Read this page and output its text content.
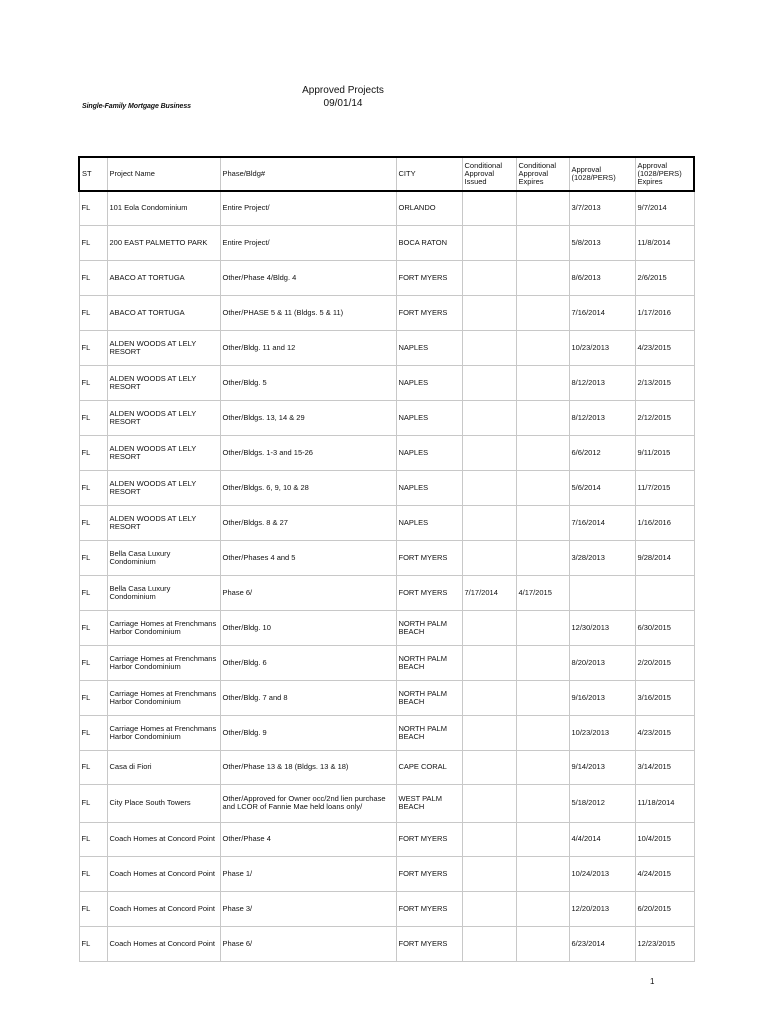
Approved Projects
09/01/14
Single-Family Mortgage Business
ST	Project Name	Phase/Bldg#	CITY	Conditional Approval Issued	Conditional Approval Expires	Approval (1028/PERS)	Approval (1028/PERS) Expires
FL	101 Eola Condominium	Entire Project/	ORLANDO			3/7/2013	9/7/2014
FL	200 EAST PALMETTO PARK	Entire Project/	BOCA RATON			5/8/2013	11/8/2014
FL	ABACO AT TORTUGA	Other/Phase 4/Bldg. 4	FORT MYERS			8/6/2013	2/6/2015
FL	ABACO AT TORTUGA	Other/PHASE 5 & 11 (Bldgs. 5 & 11)	FORT MYERS			7/16/2014	1/17/2016
FL	ALDEN WOODS AT LELY RESORT	Other/Bldg. 11 and 12	NAPLES			10/23/2013	4/23/2015
FL	ALDEN WOODS AT LELY RESORT	Other/Bldg. 5	NAPLES			8/12/2013	2/13/2015
FL	ALDEN WOODS AT LELY RESORT	Other/Bldgs. 13, 14 & 29	NAPLES			8/12/2013	2/12/2015
FL	ALDEN WOODS AT LELY RESORT	Other/Bldgs. 1-3 and 15-26	NAPLES			6/6/2012	9/11/2015
FL	ALDEN WOODS AT LELY RESORT	Other/Bldgs. 6, 9, 10 & 28	NAPLES			5/6/2014	11/7/2015
FL	ALDEN WOODS AT LELY RESORT	Other/Bldgs. 8 & 27	NAPLES			7/16/2014	1/16/2016
FL	Bella Casa Luxury Condominium	Other/Phases 4 and 5	FORT MYERS			3/28/2013	9/28/2014
FL	Bella Casa Luxury Condominium	Phase 6/	FORT MYERS	7/17/2014	4/17/2015		
FL	Carriage Homes at Frenchmans Harbor Condominium	Other/Bldg. 10	NORTH PALM BEACH			12/30/2013	6/30/2015
FL	Carriage Homes at Frenchmans Harbor Condominium	Other/Bldg. 6	NORTH PALM BEACH			8/20/2013	2/20/2015
FL	Carriage Homes at Frenchmans Harbor Condominium	Other/Bldg. 7 and 8	NORTH PALM BEACH			9/16/2013	3/16/2015
FL	Carriage Homes at Frenchmans Harbor Condominium	Other/Bldg. 9	NORTH PALM BEACH			10/23/2013	4/23/2015
FL	Casa di Fiori	Other/Phase 13 & 18 (Bldgs. 13 & 18)	CAPE CORAL			9/14/2013	3/14/2015
FL	City Place South Towers	Other/Approved for Owner occ/2nd lien purchase and LCOR of Fannie Mae held loans only/	WEST PALM BEACH			5/18/2012	11/18/2014
FL	Coach Homes at Concord Point	Other/Phase 4	FORT MYERS			4/4/2014	10/4/2015
FL	Coach Homes at Concord Point	Phase 1/	FORT MYERS			10/24/2013	4/24/2015
FL	Coach Homes at Concord Point	Phase 3/	FORT MYERS			12/20/2013	6/20/2015
FL	Coach Homes at Concord Point	Phase 6/	FORT MYERS			6/23/2014	12/23/2015
1
